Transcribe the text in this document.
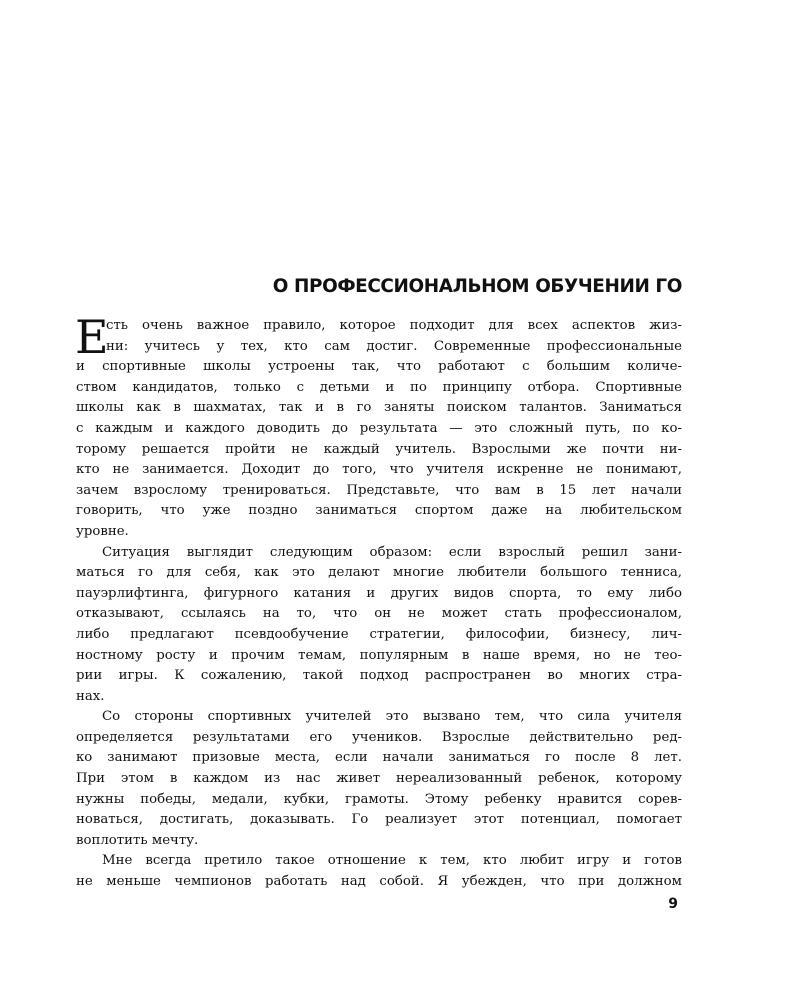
О ПРОФЕССИОНАЛЬНОМ ОБУЧЕНИИ ГО
Е
сть очень важное правило, которое подходит для всех аспектов жиз-
ни: учитесь у тех, кто сам достиг. Современные профессиональные
и спортивные школы устроены так, что работают с большим количе-
ством кандидатов, только с детьми и по принципу отбора. Спортивные
школы как в шахматах, так и в го заняты поиском талантов. Заниматься
с каждым и каждого доводить до результата — это сложный путь, по ко-
торому решается пройти не каждый учитель. Взрослыми же почти ни-
кто не занимается. Доходит до того, что учителя искренне не понимают,
зачем взрослому тренироваться. Представьте, что вам в 15 лет начали
говорить, что уже поздно заниматься спортом даже на любительском
уровне.
Ситуация выглядит следующим образом: если взрослый решил зани-
маться го для себя, как это делают многие любители большого тенниса,
пауэрлифтинга, фигурного катания и других видов спорта, то ему либо
отказывают, ссылаясь на то, что он не может стать профессионалом,
либо предлагают псевдообучение стратегии, философии, бизнесу, лич-
ностному росту и прочим темам, популярным в наше время, но не тео-
рии игры. К сожалению, такой подход распространен во многих стра-
нах.
Со стороны спортивных учителей это вызвано тем, что сила учителя
определяется результатами его учеников. Взрослые действительно ред-
ко занимают призовые места, если начали заниматься го после 8 лет.
При этом в каждом из нас живет нереализованный ребенок, которому
нужны победы, медали, кубки, грамоты. Этому ребенку нравится сорев-
новаться, достигать, доказывать. Го реализует этот потенциал, помогает
воплотить мечту.
Мне всегда претило такое отношение к тем, кто любит игру и готов
не меньше чемпионов работать над собой. Я убежден, что при должном
9
